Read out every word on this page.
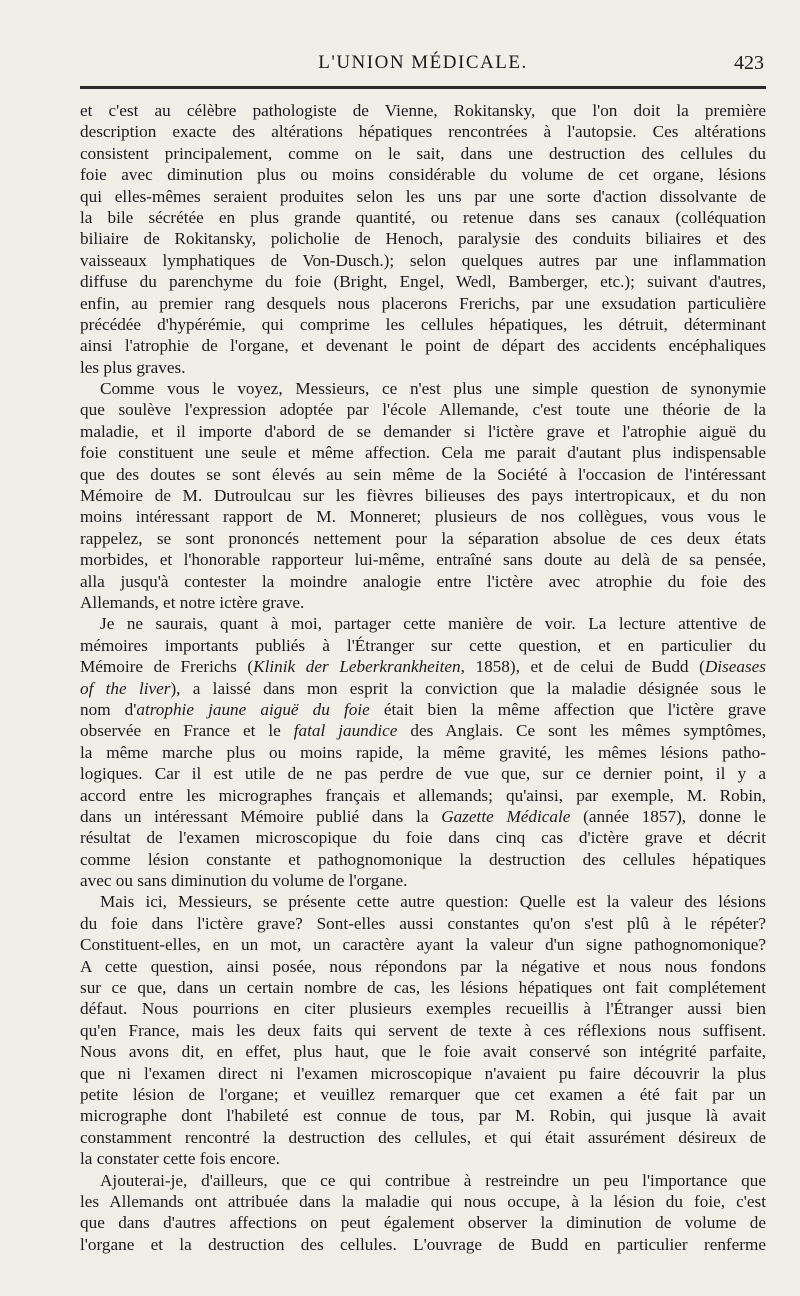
L'UNION MÉDICALE.	423
et c'est au célèbre pathologiste de Vienne, Rokitansky, que l'on doit la première
description exacte des altérations hépatiques rencontrées à l'autopsie. Ces altérations
consistent principalement, comme on le sait, dans une destruction des cellules du
foie avec diminution plus ou moins considérable du volume de cet organe, lésions
qui elles-mêmes seraient produites selon les uns par une sorte d'action dissolvante de
la bile sécrétée en plus grande quantité, ou retenue dans ses canaux (colléquation
biliaire de Rokitansky, policholie de Henoch, paralysie des conduits biliaires et des
vaisseaux lymphatiques de Von-Dusch.); selon quelques autres par une inflammation
diffuse du parenchyme du foie (Bright, Engel, Wedl, Bamberger, etc.); suivant d'autres,
enfin, au premier rang desquels nous placerons Frerichs, par une exsudation particulière
précédée d'hypérémie, qui comprime les cellules hépatiques, les détruit, déterminant
ainsi l'atrophie de l'organe, et devenant le point de départ des accidents encéphaliques
les plus graves.
Comme vous le voyez, Messieurs, ce n'est plus une simple question de synonymie
que soulève l'expression adoptée par l'école Allemande, c'est toute une théorie de la
maladie, et il importe d'abord de se demander si l'ictère grave et l'atrophie aiguë du
foie constituent une seule et même affection. Cela me parait d'autant plus indispensable
que des doutes se sont élevés au sein même de la Société à l'occasion de l'intéressant
Mémoire de M. Dutroulcau sur les fièvres bilieuses des pays intertropicaux, et du non
moins intéressant rapport de M. Monneret; plusieurs de nos collègues, vous vous le
rappelez, se sont prononcés nettement pour la séparation absolue de ces deux états
morbides, et l'honorable rapporteur lui-même, entraîné sans doute au delà de sa pensée,
alla jusqu'à contester la moindre analogie entre l'ictère avec atrophie du foie des
Allemands, et notre ictère grave.
Je ne saurais, quant à moi, partager cette manière de voir. La lecture attentive de
mémoires importants publiés à l'Étranger sur cette question, et en particulier du
Mémoire de Frerichs (Klinik der Leberkrankheiten, 1858), et de celui de Budd (Diseases
of the liver), a laissé dans mon esprit la conviction que la maladie désignée sous le
nom d'atrophie jaune aiguë du foie était bien la même affection que l'ictère grave
observée en France et le fatal jaundice des Anglais. Ce sont les mêmes symptômes,
la même marche plus ou moins rapide, la même gravité, les mêmes lésions patho-
logiques. Car il est utile de ne pas perdre de vue que, sur ce dernier point, il y a
accord entre les micrographes français et allemands; qu'ainsi, par exemple, M. Robin,
dans un intéressant Mémoire publié dans la Gazette Médicale (année 1857), donne le
résultat de l'examen microscopique du foie dans cinq cas d'ictère grave et décrit
comme lésion constante et pathognomonique la destruction des cellules hépatiques
avec ou sans diminution du volume de l'organe.
Mais ici, Messieurs, se présente cette autre question: Quelle est la valeur des lésions
du foie dans l'ictère grave? Sont-elles aussi constantes qu'on s'est plû à le répéter?
Constituent-elles, en un mot, un caractère ayant la valeur d'un signe pathognomonique?
A cette question, ainsi posée, nous répondons par la négative et nous nous fondons
sur ce que, dans un certain nombre de cas, les lésions hépatiques ont fait complétement
défaut. Nous pourrions en citer plusieurs exemples recueillis à l'Étranger aussi bien
qu'en France, mais les deux faits qui servent de texte à ces réflexions nous suffisent.
Nous avons dit, en effet, plus haut, que le foie avait conservé son intégrité parfaite,
que ni l'examen direct ni l'examen microscopique n'avaient pu faire découvrir la plus
petite lésion de l'organe; et veuillez remarquer que cet examen a été fait par un
micrographe dont l'habileté est connue de tous, par M. Robin, qui jusque là avait
constamment rencontré la destruction des cellules, et qui était assurément désireux de
la constater cette fois encore.
Ajouterai-je, d'ailleurs, que ce qui contribue à restreindre un peu l'importance que
les Allemands ont attribuée dans la maladie qui nous occupe, à la lésion du foie, c'est
que dans d'autres affections on peut également observer la diminution de volume de
l'organe et la destruction des cellules. L'ouvrage de Budd en particulier renferme
